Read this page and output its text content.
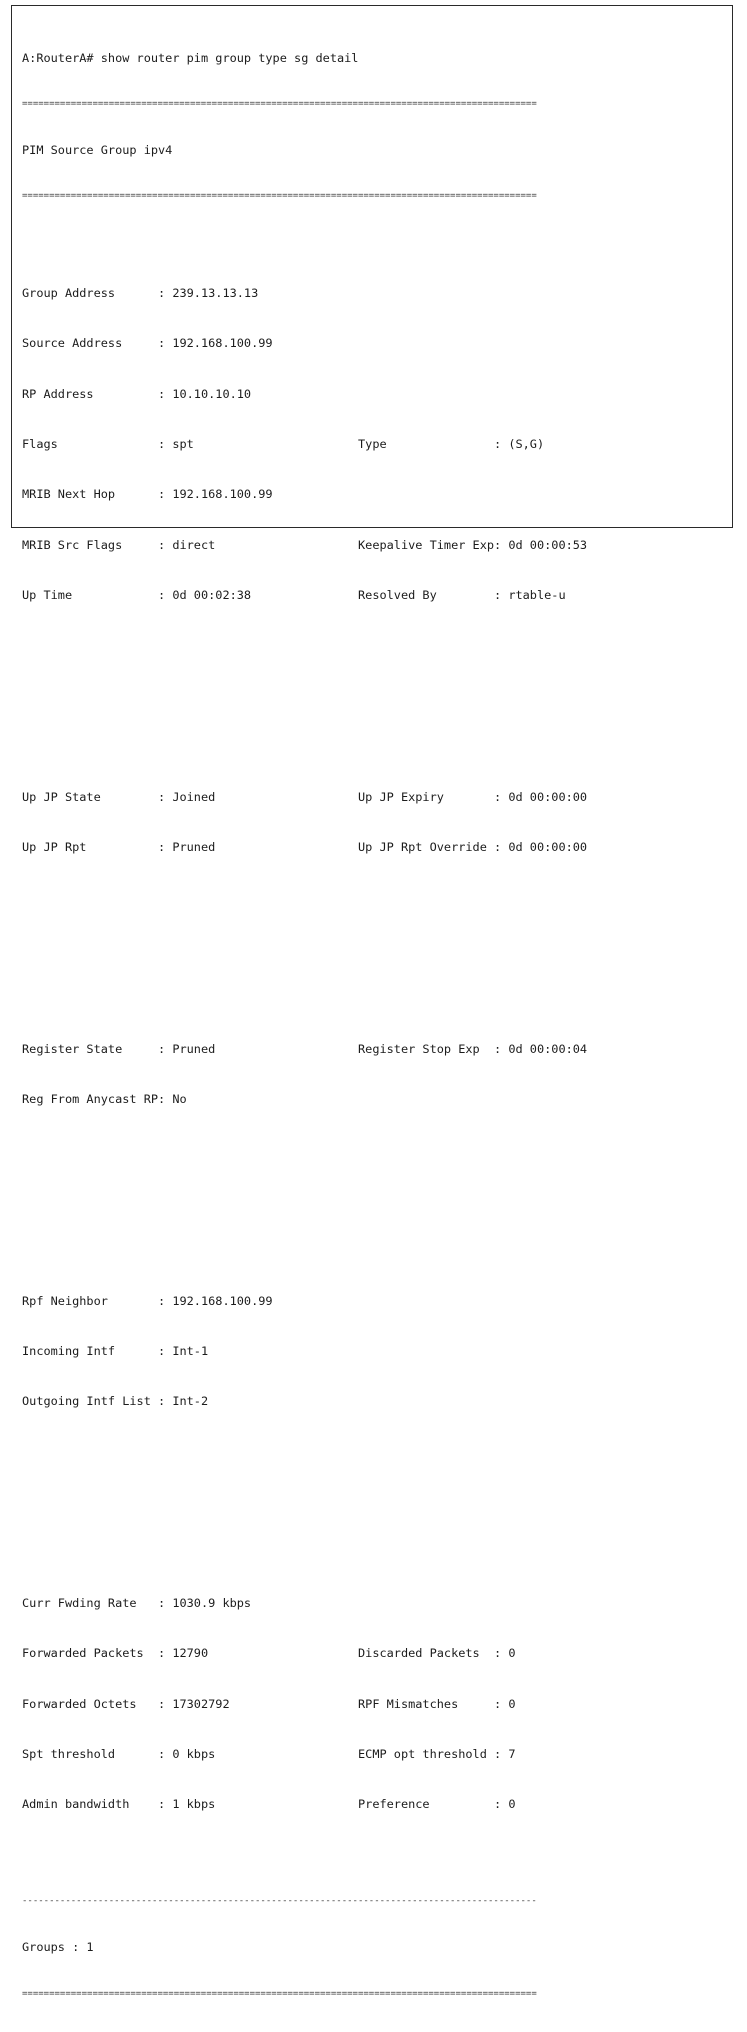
A:RouterA# show router pim group type sg detail

===============================================================================================

PIM Source Group ipv4

===============================================================================================

Group Address      : 239.13.13.13

Source Address     : 192.168.100.99

RP Address         : 10.10.10.10

Flags              : spt	Type               : (S,G)

MRIB Next Hop      : 192.168.100.99

MRIB Src Flags     : direct	Keepalive Timer Exp: 0d 00:00:53

Up Time            : 0d 00:02:38	Resolved By        : rtable-u

Up JP State        : Joined	Up JP Expiry       : 0d 00:00:00

Up JP Rpt          : Pruned	Up JP Rpt Override : 0d 00:00:00

Register State     : Pruned	Register Stop Exp  : 0d 00:00:04

Reg From Anycast RP: No

Rpf Neighbor       : 192.168.100.99

Incoming Intf      : Int-1

Outgoing Intf List : Int-2

Curr Fwding Rate   : 1030.9 kbps

Forwarded Packets  : 12790	Discarded Packets  : 0

Forwarded Octets   : 17302792	RPF Mismatches     : 0

Spt threshold      : 0 kbps	ECMP opt threshold : 7

Admin bandwidth    : 1 kbps	Preference         : 0

-----------------------------------------------------------------------------------------------

Groups : 1

===============================================================================================
